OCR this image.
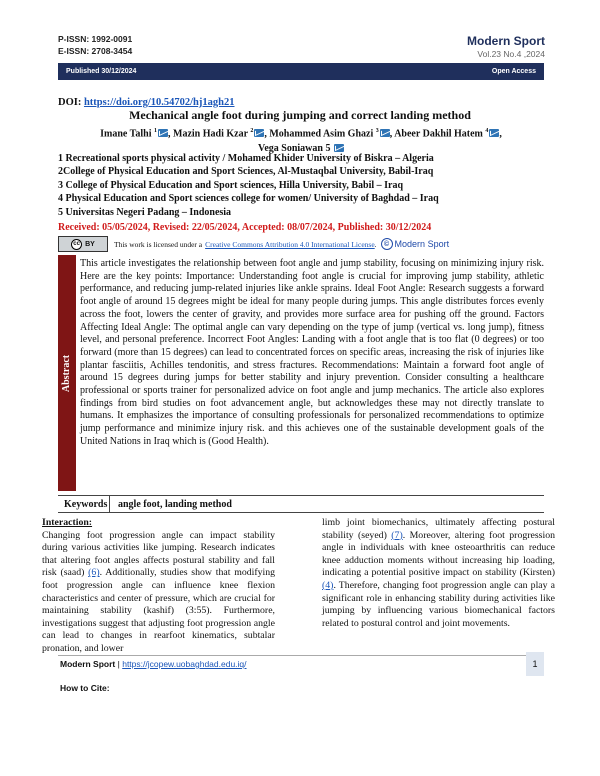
P-ISSN: 1992-0091
E-ISSN: 2708-3454
Modern Sport
Vol.23 No.4 ,2024
Published 30/12/2024	Open Access
DOI: https://doi.org/10.54702/hj1agh21
Mechanical angle foot during jumping and correct landing method
Imane Talhi $^1$ , Mazin Hadi Kzar $^2$ , Mohammed Asim Ghazi $^3$ , Abeer Dakhil Hatem $^4$ ,
Vega Soniawan 5
1 Recreational sports physical activity / Mohamed Khider University of Biskra – Algeria
2College of Physical Education and Sport Sciences, Al-Mustaqbal University, Babil-Iraq
3 College of Physical Education and Sport sciences, Hilla University, Babil – Iraq
4 Physical Education and Sport sciences college for women/ University of Baghdad – Iraq
5 Universitas Negeri Padang – Indonesia
Received: 05/05/2024, Revised: 22/05/2024, Accepted: 08/07/2024, Published: 30/12/2024
cc BY	This work is licensed under a Creative Commons Attribution 4.0 International License .	© Modern Sport
Abstract
This article investigates the relationship between foot angle and jump stability, focusing on minimizing injury risk. Here are the key points: Importance: Understanding foot angle is crucial for improving jump stability, athletic performance, and reducing jump-related injuries like ankle sprains. Ideal Foot Angle: Research suggests a forward foot angle of around 15 degrees might be ideal for many people during jumps. This angle distributes forces evenly across the foot, lowers the center of gravity, and provides more surface area for pushing off the ground. Factors Affecting Ideal Angle: The optimal angle can vary depending on the type of jump (vertical vs. long jump), fitness level, and personal preference. Incorrect Foot Angles: Landing with a foot angle that is too flat (0 degrees) or too forward (more than 15 degrees) can lead to concentrated forces on specific areas, increasing the risk of injuries like plantar fasciitis, Achilles tendonitis, and stress fractures. Recommendations: Maintain a forward foot angle of around 15 degrees during jumps for better stability and injury prevention. Consider consulting a healthcare professional or sports trainer for personalized advice on foot angle and jump mechanics. The article also explores findings from bird studies on foot advancement angle, but acknowledges these may not directly translate to humans. It emphasizes the importance of consulting professionals for personalized recommendations to optimize jump performance and minimize injury risk. and this achieves one of the sustainable development goals of the United Nations in Iraq which is (Good Health).
Keywords	angle foot, landing method
Interaction:
Changing foot progression angle can impact stability during various activities like jumping. Research indicates that altering foot angles affects postural stability and fall risk (saad) (6). Additionally, studies show that modifying foot progression angle can influence knee flexion characteristics and center of pressure, which are crucial for maintaining stability (kashif) (3:55). Furthermore, investigations suggest that adjusting foot progression angle can lead to changes in rearfoot kinematics, subtalar pronation, and lower
limb joint biomechanics, ultimately affecting postural stability (seyed) (7). Moreover, altering foot progression angle in individuals with knee osteoarthritis can reduce knee adduction moments without increasing hip loading, indicating a potential positive impact on stability (Kirsten) (4). Therefore, changing foot progression angle can play a significant role in enhancing stability during activities like jumping by influencing various biomechanical factors related to postural control and joint movements.
Modern Sport | https://jcopew.uobaghdad.edu.iq/	1
How to Cite:
